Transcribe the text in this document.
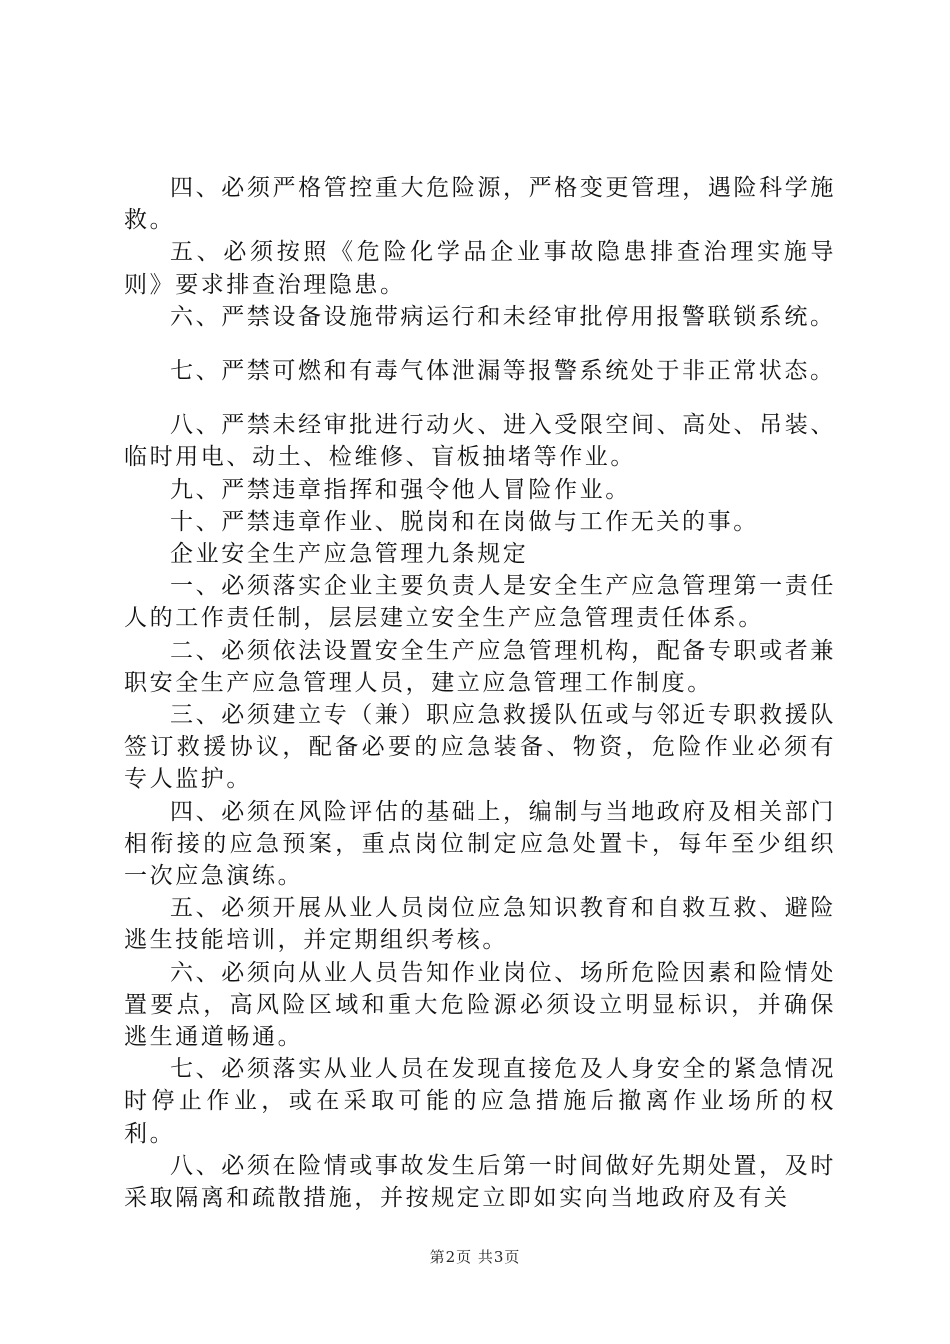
四、必须严格管控重大危险源，严格变更管理，遇险科学施救。

五、必须按照《危险化学品企业事故隐患排查治理实施导则》要求排查治理隐患。

六、严禁设备设施带病运行和未经审批停用报警联锁系统。

七、严禁可燃和有毒气体泄漏等报警系统处于非正常状态。

八、严禁未经审批进行动火、进入受限空间、高处、吊装、临时用电、动土、检维修、盲板抽堵等作业。

九、严禁违章指挥和强令他人冒险作业。

十、严禁违章作业、脱岗和在岗做与工作无关的事。

企业安全生产应急管理九条规定

一、必须落实企业主要负责人是安全生产应急管理第一责任人的工作责任制，层层建立安全生产应急管理责任体系。

二、必须依法设置安全生产应急管理机构，配备专职或者兼职安全生产应急管理人员，建立应急管理工作制度。

三、必须建立专（兼）职应急救援队伍或与邻近专职救援队签订救援协议，配备必要的应急装备、物资，危险作业必须有专人监护。

四、必须在风险评估的基础上，编制与当地政府及相关部门相衔接的应急预案，重点岗位制定应急处置卡，每年至少组织一次应急演练。

五、必须开展从业人员岗位应急知识教育和自救互救、避险逃生技能培训，并定期组织考核。

六、必须向从业人员告知作业岗位、场所危险因素和险情处置要点，高风险区域和重大危险源必须设立明显标识，并确保逃生通道畅通。

七、必须落实从业人员在发现直接危及人身安全的紧急情况时停止作业，或在采取可能的应急措施后撤离作业场所的权利。

八、必须在险情或事故发生后第一时间做好先期处置，及时采取隔离和疏散措施，并按规定立即如实向当地政府及有关

第2页 共3页
